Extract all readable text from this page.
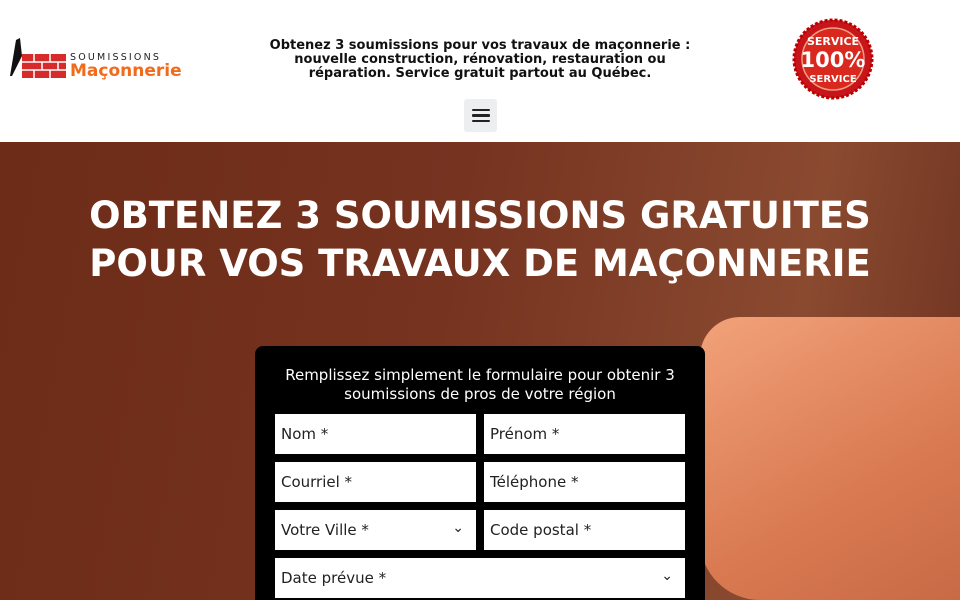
SOUMISSIONS
Maçonnerie
Obtenez 3 soumissions pour vos travaux de maçonnerie : nouvelle construction, rénovation, restauration ou réparation. Service gratuit partout au Québec.
SERVICE
100%
SERVICE
OBTENEZ 3 SOUMISSIONS GRATUITES POUR VOS TRAVAUX DE MAÇONNERIE

Remplissez simplement le formulaire pour obtenir 3 soumissions de pros de votre région

Nom *	Prénom *
Courriel *	Téléphone *
Votre Ville *	⌄	Code postal *
Date prévue *	⌄
